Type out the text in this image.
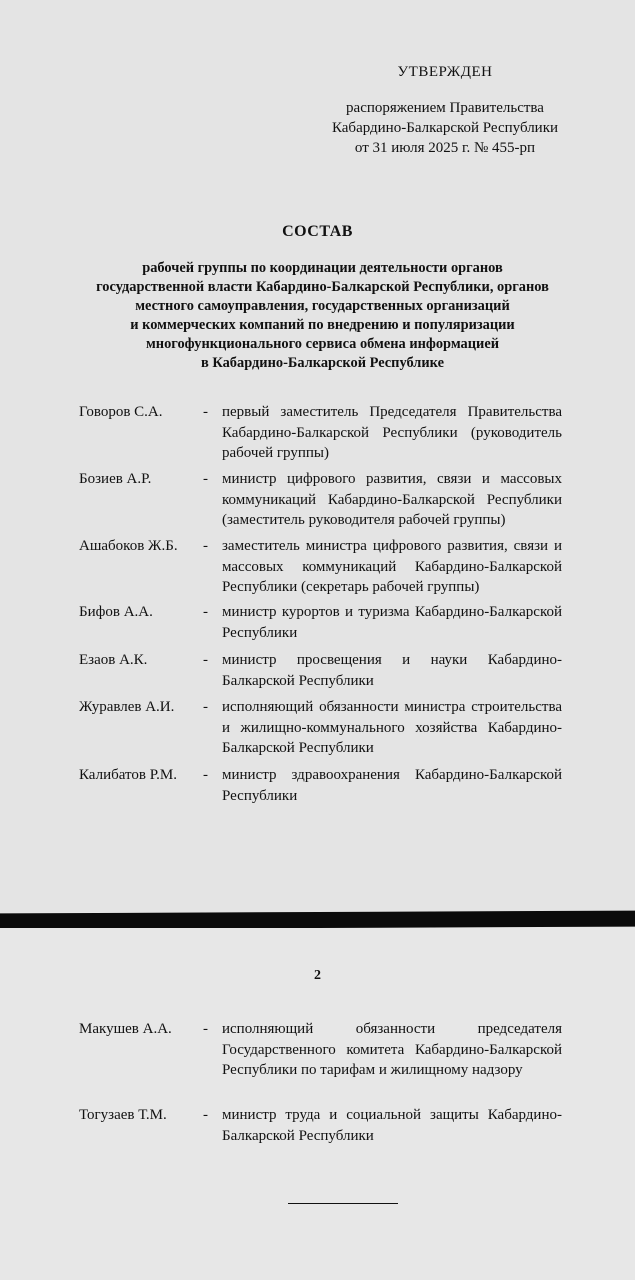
УТВЕРЖДЕН
распоряжением Правительства
Кабардино-Балкарской Республики
от 31 июля 2025 г. № 455-рп
СОСТАВ
рабочей группы по координации деятельности органов
государственной власти Кабардино-Балкарской Республики, органов
местного самоуправления, государственных организаций
и коммерческих компаний по внедрению и популяризации
многофункционального сервиса обмена информацией
в Кабардино-Балкарской Республике
Говоров С.А.	- первый заместитель Председателя Правительства Кабардино-Балкарской Республики (руководитель рабочей группы)
Бозиев А.Р.	- министр цифрового развития, связи и массовых коммуникаций Кабардино-Балкарской Республики (заместитель руководителя рабочей группы)
Ашабоков Ж.Б. - заместитель министра цифрового развития, связи и массовых коммуникаций Кабардино-Балкарской Республики (секретарь рабочей группы)
Бифов А.А.	- министр курортов и туризма Кабардино-Балкарской Республики
Езаов А.К.	- министр просвещения и науки Кабардино-Балкарской Республики
Журавлев А.И. - исполняющий обязанности министра строительства и жилищно-коммунального хозяйства Кабардино-Балкарской Республики
Калибатов Р.М. - министр здравоохранения Кабардино-Балкарской Республики
2
Макушев А.А. - исполняющий обязанности председателя Государственного комитета Кабардино-Балкарской Республики по тарифам и жилищному надзору
Тогузаев Т.М. - министр труда и социальной защиты Кабардино-Балкарской Республики
